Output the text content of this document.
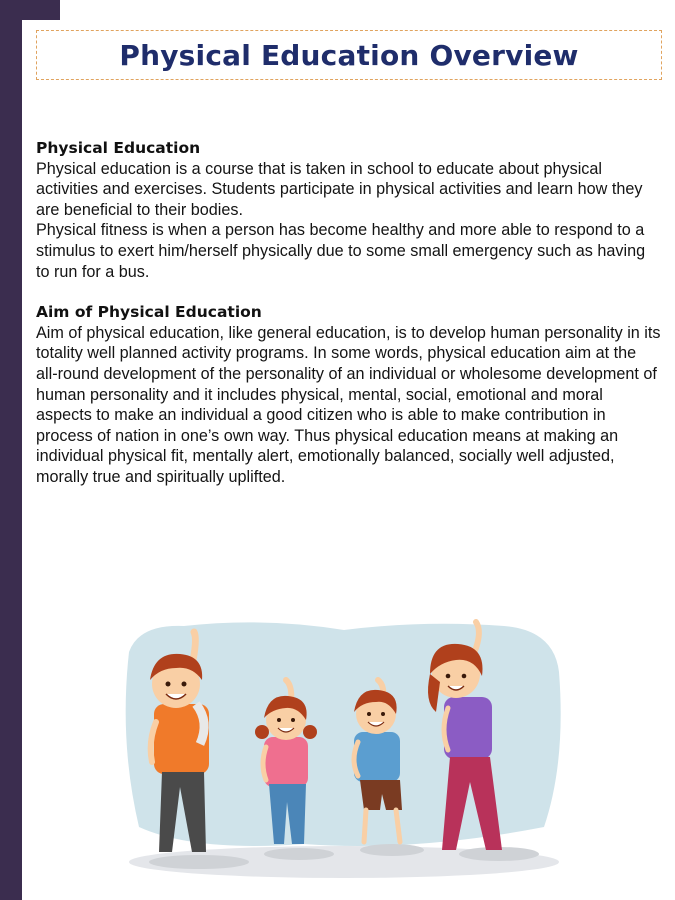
Physical Education Overview
Physical Education

Physical education is a course that is taken in school to educate about physical activities and exercises. Students participate in physical activities and learn how they are beneficial to their bodies.

Physical fitness is when a person has become healthy and more able to respond to a stimulus to exert him/herself physically due to some small emergency such as having to run for a bus.

Aim of Physical Education

Aim of physical education, like general education, is to develop human personality in its totality well planned activity programs. In some words, physical education aim at the all-round development of the personality of an individual or wholesome development of human personality and it includes physical, mental, social, emotional and moral aspects to make an individual a good citizen who is able to make contribution in process of nation in one’s own way. Thus physical education means at making an individual physical fit, mentally alert, emotionally balanced, socially well adjusted, morally true and spiritually uplifted.
